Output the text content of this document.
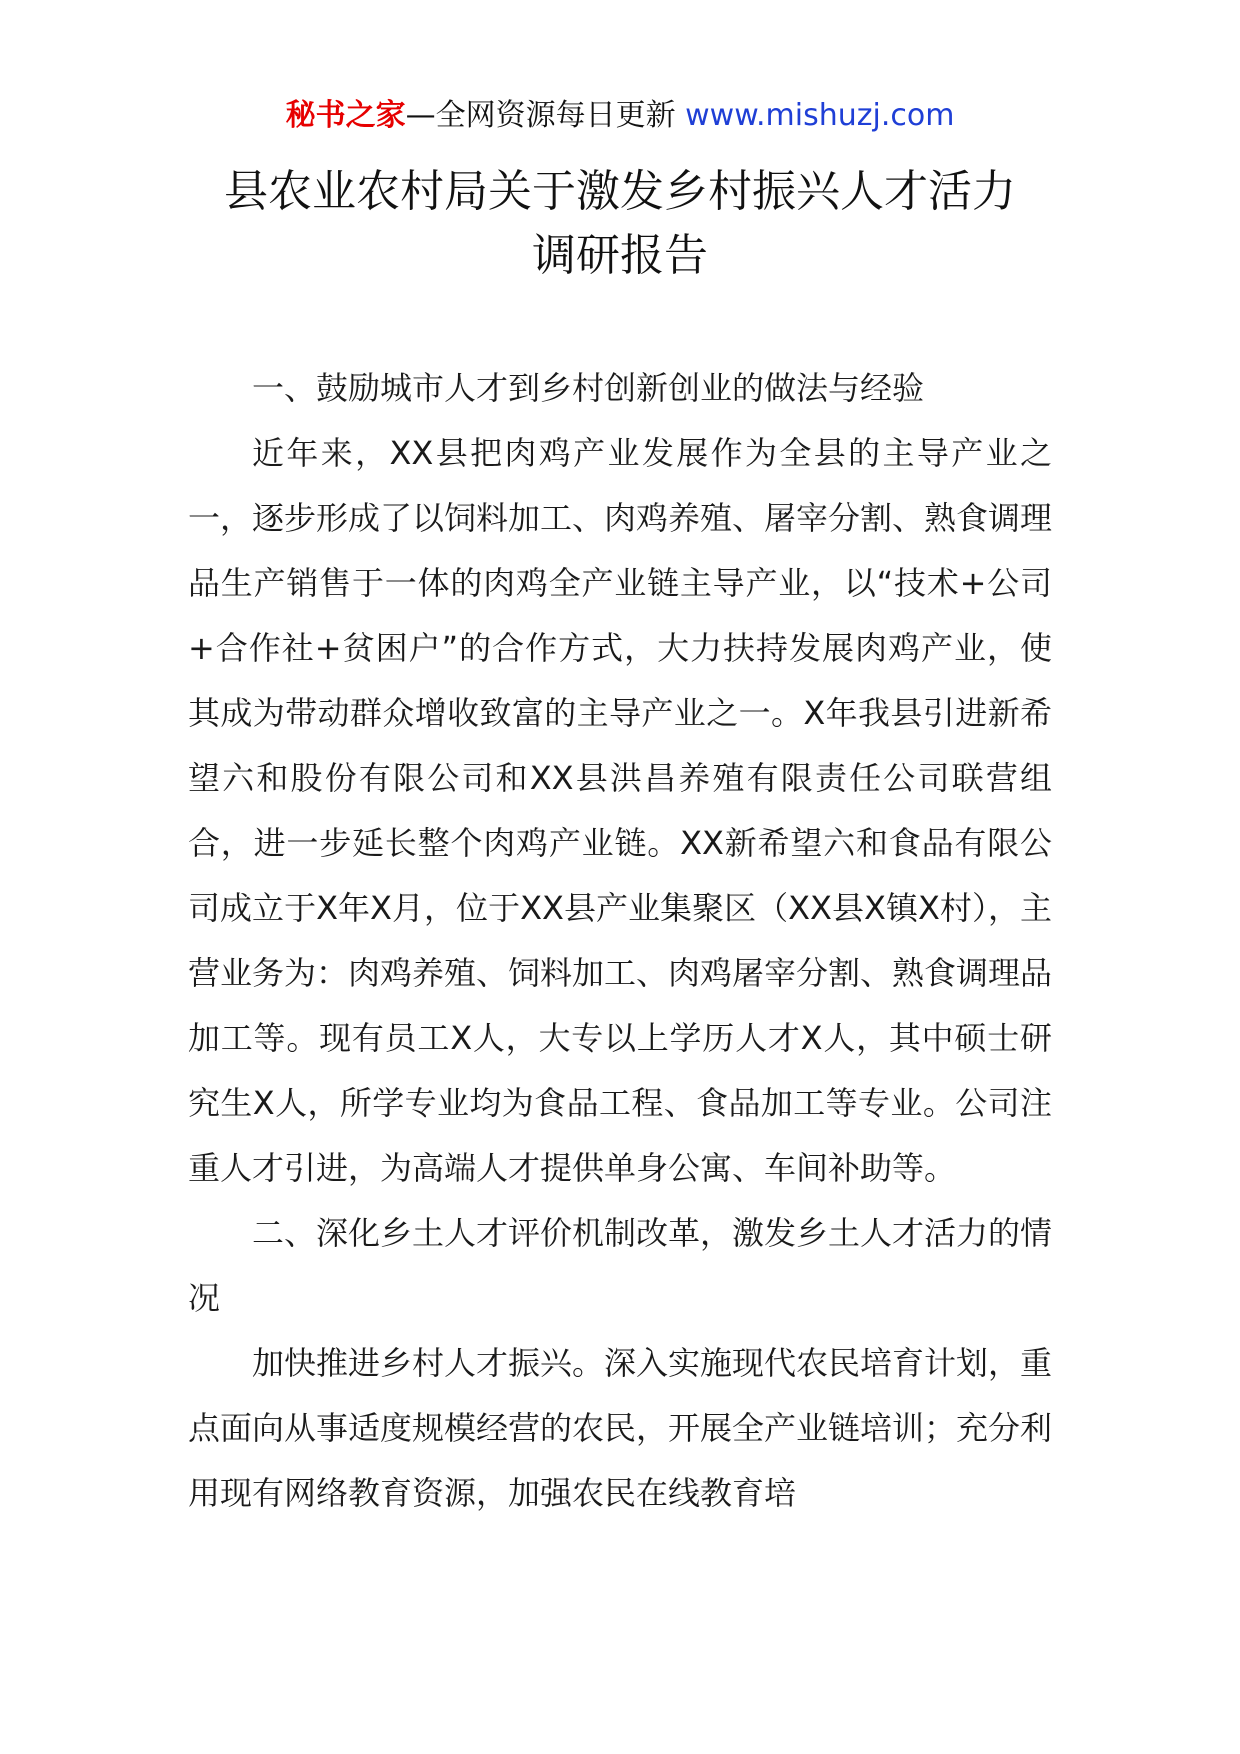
秘书之家—全网资源每日更新 www.mishuzj.com
县农业农村局关于激发乡村振兴人才活力
调研报告

一、鼓励城市人才到乡村创新创业的做法与经验

近年来，XX县把肉鸡产业发展作为全县的主导产业之一，逐步形成了以饲料加工、肉鸡养殖、屠宰分割、熟食调理品生产销售于一体的肉鸡全产业链主导产业，以“技术+公司+合作社+贫困户”的合作方式，大力扶持发展肉鸡产业，使其成为带动群众增收致富的主导产业之一。X年我县引进新希望六和股份有限公司和XX县洪昌养殖有限责任公司联营组合，进一步延长整个肉鸡产业链。XX新希望六和食品有限公司成立于X年X月，位于XX县产业集聚区（XX县X镇X村），主营业务为：肉鸡养殖、饲料加工、肉鸡屠宰分割、熟食调理品加工等。现有员工X人，大专以上学历人才X人，其中硕士研究生X人，所学专业均为食品工程、食品加工等专业。公司注重人才引进，为高端人才提供单身公寓、车间补助等。

二、深化乡土人才评价机制改革，激发乡土人才活力的情况

加快推进乡村人才振兴。深入实施现代农民培育计划，重点面向从事适度规模经营的农民，开展全产业链培训；充分利用现有网络教育资源，加强农民在线教育培
